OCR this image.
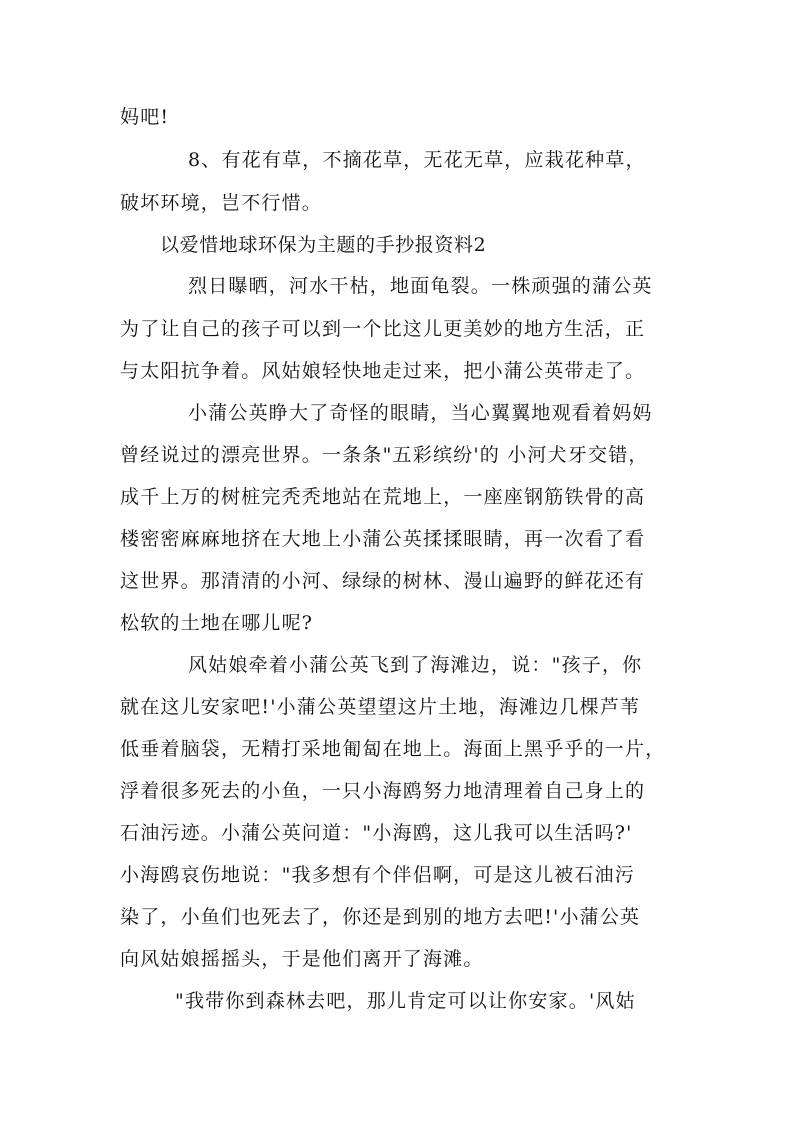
妈吧!
8、有花有草，不摘花草，无花无草，应栽花种草，
破坏环境，岂不行惜。
以爱惜地球环保为主题的手抄报资料2
烈日曝晒，河水干枯，地面龟裂。一株顽强的蒲公英
为了让自己的孩子可以到一个比这儿更美妙的地方生活，正
与太阳抗争着。风姑娘轻快地走过来，把小蒲公英带走了。
小蒲公英睁大了奇怪的眼睛，当心翼翼地观看着妈妈
曾经说过的漂亮世界。一条条"五彩缤纷'的 小河犬牙交错，
成千上万的树桩完秃秃地站在荒地上，一座座钢筋铁骨的高
楼密密麻麻地挤在大地上小蒲公英揉揉眼睛，再一次看了看
这世界。那清清的小河、绿绿的树林、漫山遍野的鲜花还有
松软的土地在哪儿呢?
风姑娘牵着小蒲公英飞到了海滩边，说："孩子，你
就在这儿安家吧!'小蒲公英望望这片土地，海滩边几棵芦苇
低垂着脑袋，无精打采地匍匐在地上。海面上黑乎乎的一片，
浮着很多死去的小鱼，一只小海鸥努力地清理着自己身上的
石油污迹。小蒲公英问道："小海鸥，这儿我可以生活吗?'
小海鸥哀伤地说："我多想有个伴侣啊，可是这儿被石油污
染了，小鱼们也死去了，你还是到别的地方去吧!'小蒲公英
向风姑娘摇摇头，于是他们离开了海滩。
"我带你到森林去吧，那儿肯定可以让你安家。'风姑
